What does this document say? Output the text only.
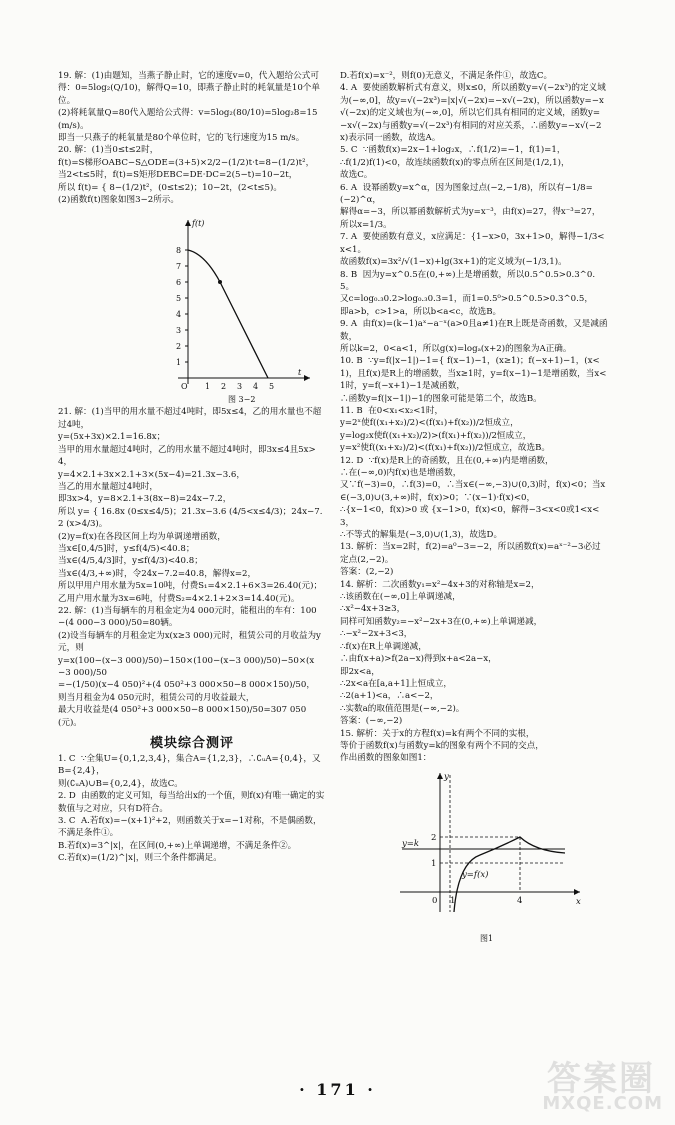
19. 解：(1)由题知，当燕子静止时，它的速度v=0，代入题给公式可得：0=5log₂(Q/10)，解得Q=10，即燕子静止时的耗氧量是10个单位。
(2)将耗氧量Q=80代入题给公式得：v=5log₂(80/10)=5log₂8=15(m/s)。
即当一只燕子的耗氧量是80个单位时，它的飞行速度为15 m/s。

20. 解：(1)当0≤t≤2时，
f(t)=S梯形OABC−S△ODE=(3+5)×2/2−(1/2)t·t=8−(1/2)t²，
当2<t≤5时，f(t)=S矩形DEBC=DE·DC=2(5−t)=10−2t，
所以 f(t)= { 8−(1/2)t²，(0≤t≤2)；10−2t，(2<t≤5)。
(2)函数f(t)图象如图3−2所示。

1
2
3
4
5
6
7
8
O 1 2 3 4 5
t
f(t)
图 3−2

21. 解：(1)当甲的用水量不超过4吨时，即5x≤4，乙的用水量也不超过4吨，
y=(5x+3x)×2.1=16.8x；
当甲的用水量超过4吨时，乙的用水量不超过4吨时，即3x≤4且5x>4，
y=4×2.1+3x×2.1+3×(5x−4)=21.3x−3.6，
当乙的用水量超过4吨时，
即3x>4，y=8×2.1+3(8x−8)=24x−7.2，
所以 y= { 16.8x (0≤x≤4/5)；21.3x−3.6 (4/5<x≤4/3)；24x−7.2 (x>4/3)。
(2)y=f(x)在各段区间上均为单调递增函数，
当x∈[0,4/5]时，y≤f(4/5)<40.8；
当x∈(4/5,4/3]时，y≤f(4/3)<40.8；
当x∈(4/3,+∞)时，令24x−7.2=40.8，解得x=2，
所以甲用户用水量为5x=10吨，付费S₁=4×2.1+6×3=26.40(元)；
乙用户用水量为3x=6吨，付费S₂=4×2.1+2×3=14.40(元)。

22. 解：(1)当每辆车的月租金定为4 000元时，能租出的车有：100−(4 000−3 000)/50=80辆。
(2)设当每辆车的月租金定为x(x≥3 000)元时，租赁公司的月收益为y元，则
y=x(100−(x−3 000)/50)−150×(100−(x−3 000)/50)−50×(x−3 000)/50
=−(1/50)(x−4 050)²+(4 050²+3 000×50−8 000×150)/50，
则当月租金为4 050元时，租赁公司的月收益最大，
最大月收益是(4 050²+3 000×50−8 000×150)/50=307 050(元)。

模块综合测评

1. C  ∵全集U={0,1,2,3,4}，集合A={1,2,3}，∴∁ᵤA={0,4}，又B={2,4}，
则(∁ᵤA)∪B={0,2,4}，故选C。

2. D  由函数的定义可知，每当给出x的一个值，则f(x)有唯一确定的实数值与之对应，只有D符合。

3. C  A.若f(x)=−(x+1)²+2，则函数关于x=−1对称，不是偶函数，不满足条件①。
B.若f(x)=3^|x|，在区间(0,+∞)上单调递增，不满足条件②。
C.若f(x)=(1/2)^|x|，则三个条件都满足。

D.若f(x)=x⁻²，则f(0)无意义，不满足条件①，故选C。

4. A  要使函数解析式有意义，则x≤0，所以函数y=√(−2x³)的定义域为(−∞,0]，故y=√(−2x³)=|x|√(−2x)=−x√(−2x)，所以函数y=−x√(−2x)的定义域也为(−∞,0]，所以它们具有相同的定义域，函数y=−x√(−2x)与函数y=√(−2x³)有相同的对应关系，∴函数y=−x√(−2x)表示同一函数，故选A。

5. C  ∵函数f(x)=2x−1+log₂x，∴f(1/2)=−1，f(1)=1，
∴f(1/2)f(1)<0，故连续函数f(x)的零点所在区间是(1/2,1)，
故选C。

6. A  设幂函数y=x^α，因为图象过点(−2,−1/8)，所以有−1/8=(−2)^α，
解得α=−3，所以幂函数解析式为y=x⁻³，由f(x)=27，得x⁻³=27，所以x=1/3。

7. A  要使函数有意义，x应满足：{1−x>0，3x+1>0，解得−1/3<x<1。
故函数f(x)=3x²/√(1−x)+lg(3x+1)的定义域为(−1/3,1)。

8. B  因为y=x^0.5在(0,+∞)上是增函数，所以0.5^0.5>0.3^0.5。
又c=log₀.₃0.2>log₀.₃0.3=1，而1=0.5⁰>0.5^0.5>0.3^0.5，
即a>b，c>1>a，所以b<a<c，故选B。

9. A  由f(x)=(k−1)aˣ−a⁻ˣ(a>0且a≠1)在R上既是奇函数，又是减函数，
所以k=2，0<a<1，所以g(x)=logₐ(x+2)的图象为A正确。

10. B  ∵y=f(|x−1|)−1={ f(x−1)−1，(x≥1)；f(−x+1)−1，(x<1)，且f(x)是R上的增函数，当x≥1时，y=f(x−1)−1是增函数，当x<1时，y=f(−x+1)−1是减函数，
∴函数y=f(|x−1|)−1的图象可能是第二个，故选B。

11. B  在0<x₁<x₂<1时，
y=2ˣ使f((x₁+x₂)/2)<(f(x₁)+f(x₂))/2恒成立，
y=log₂x使f((x₁+x₂)/2)>(f(x₁)+f(x₂))/2恒成立，
y=x²使f((x₁+x₂)/2)<(f(x₁)+f(x₂))/2恒成立，故选B。

12. D  ∵f(x)是R上的奇函数，且在(0,+∞)内是增函数，
∴在(−∞,0)内f(x)也是增函数，
又∵f(−3)=0，∴f(3)=0，∴当x∈(−∞,−3)∪(0,3)时，f(x)<0；当x∈(−3,0)∪(3,+∞)时，f(x)>0；∵(x−1)·f(x)<0，
∴{x−1<0，f(x)>0 或 {x−1>0，f(x)<0，解得−3<x<0或1<x<3，
∴不等式的解集是(−3,0)∪(1,3)，故选D。

13. 解析：当x=2时，f(2)=a⁰−3=−2，所以函数f(x)=aˣ⁻²−3必过定点(2,−2)。
答案：(2,−2)

14. 解析：二次函数y₁=x²−4x+3的对称轴是x=2，
∴该函数在(−∞,0]上单调递减，
∴x²−4x+3≥3，
同样可知函数y₂=−x²−2x+3在(0,+∞)上单调递减，
∴−x²−2x+3<3，
∴f(x)在R上单调递减，
∴由f(x+a)>f(2a−x)得到x+a<2a−x，
即2x<a，
∴2x<a在[a,a+1]上恒成立，
∴2(a+1)<a，∴a<−2，
∴实数a的取值范围是(−∞,−2)。
答案：(−∞,−2)

15. 解析：关于x的方程f(x)=k有两个不同的实根，
等价于函数f(x)与函数y=k的图象有两个不同的交点，
作出函数的图象如图1：

y
x
0 1	4
1
2
y=k
y=f(x)
图1
· 171 ·	答案圈
MXQE.COM
